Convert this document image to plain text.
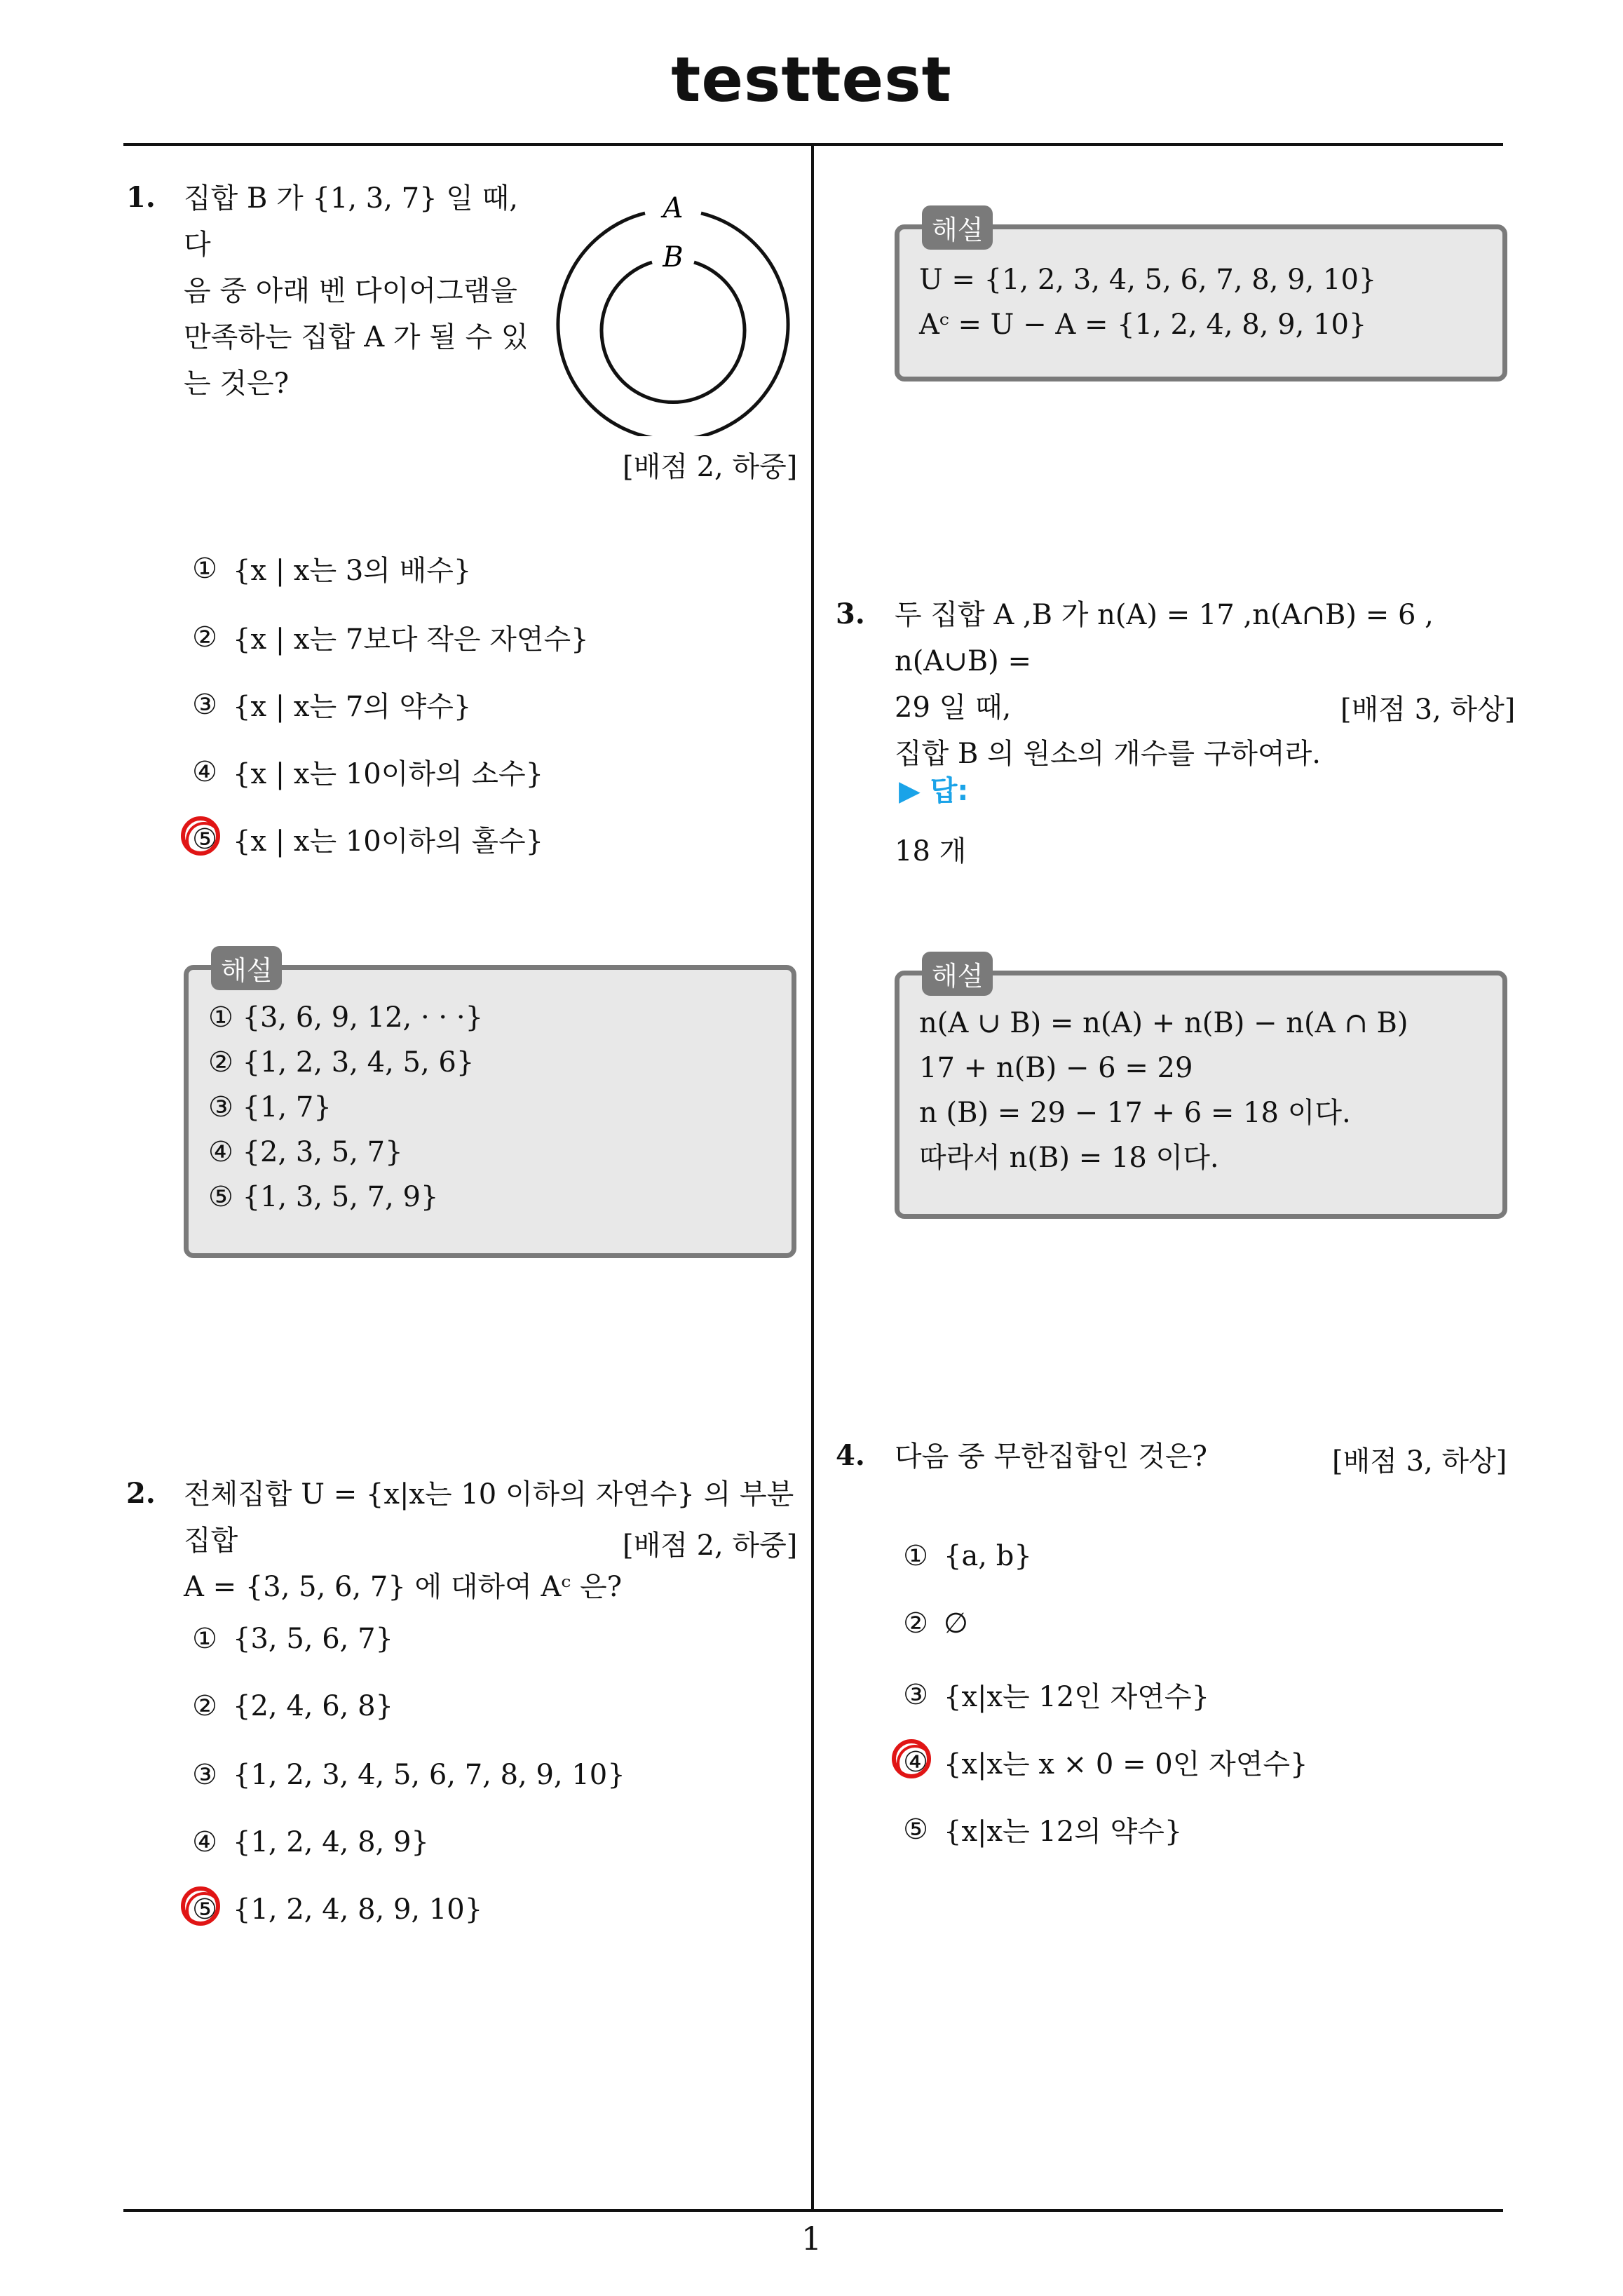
testtest
1. 집합 B 가 {1, 3, 7} 일 때, 다
음 중 아래 벤 다이어그램을
만족하는 집합 A 가 될 수 있
는 것은?
A
B
[배점 2, 하중]
① {x | x는 3의 배수}
② {x | x는 7보다 작은 자연수}
③ {x | x는 7의 약수}
④ {x | x는 10이하의 소수}
⑤ {x | x는 10이하의 홀수}
해설
① {3, 6, 9, 12, · · ·}
② {1, 2, 3, 4, 5, 6}
③ {1, 7}
④ {2, 3, 5, 7}
⑤ {1, 3, 5, 7, 9}
2. 전체집합 U = {x|x는 10 이하의 자연수} 의 부분집합
A = {3, 5, 6, 7} 에 대하여 Aᶜ 은?
[배점 2, 하중]
① {3, 5, 6, 7}
② {2, 4, 6, 8}
③ {1, 2, 3, 4, 5, 6, 7, 8, 9, 10}
④ {1, 2, 4, 8, 9}
⑤ {1, 2, 4, 8, 9, 10}
해설
U = {1, 2, 3, 4, 5, 6, 7, 8, 9, 10}
Aᶜ = U − A = {1, 2, 4, 8, 9, 10}
3. 두 집합 A ,B 가 n(A) = 17 ,n(A∩B) = 6 , n(A∪B) =
29 일 때,
집합 B 의 원소의 개수를 구하여라.
[배점 3, 하상]
▶ 답:
18 개
해설
n(A ∪ B) = n(A) + n(B) − n(A ∩ B)
17 + n(B) − 6 = 29
n (B) = 29 − 17 + 6 = 18 이다.
따라서 n(B) = 18 이다.
4. 다음 중 무한집합인 것은?	[배점 3, 하상]
① {a, b}
② ∅
③ {x|x는 12인 자연수}
④ {x|x는 x × 0 = 0인 자연수}
⑤ {x|x는 12의 약수}
1
